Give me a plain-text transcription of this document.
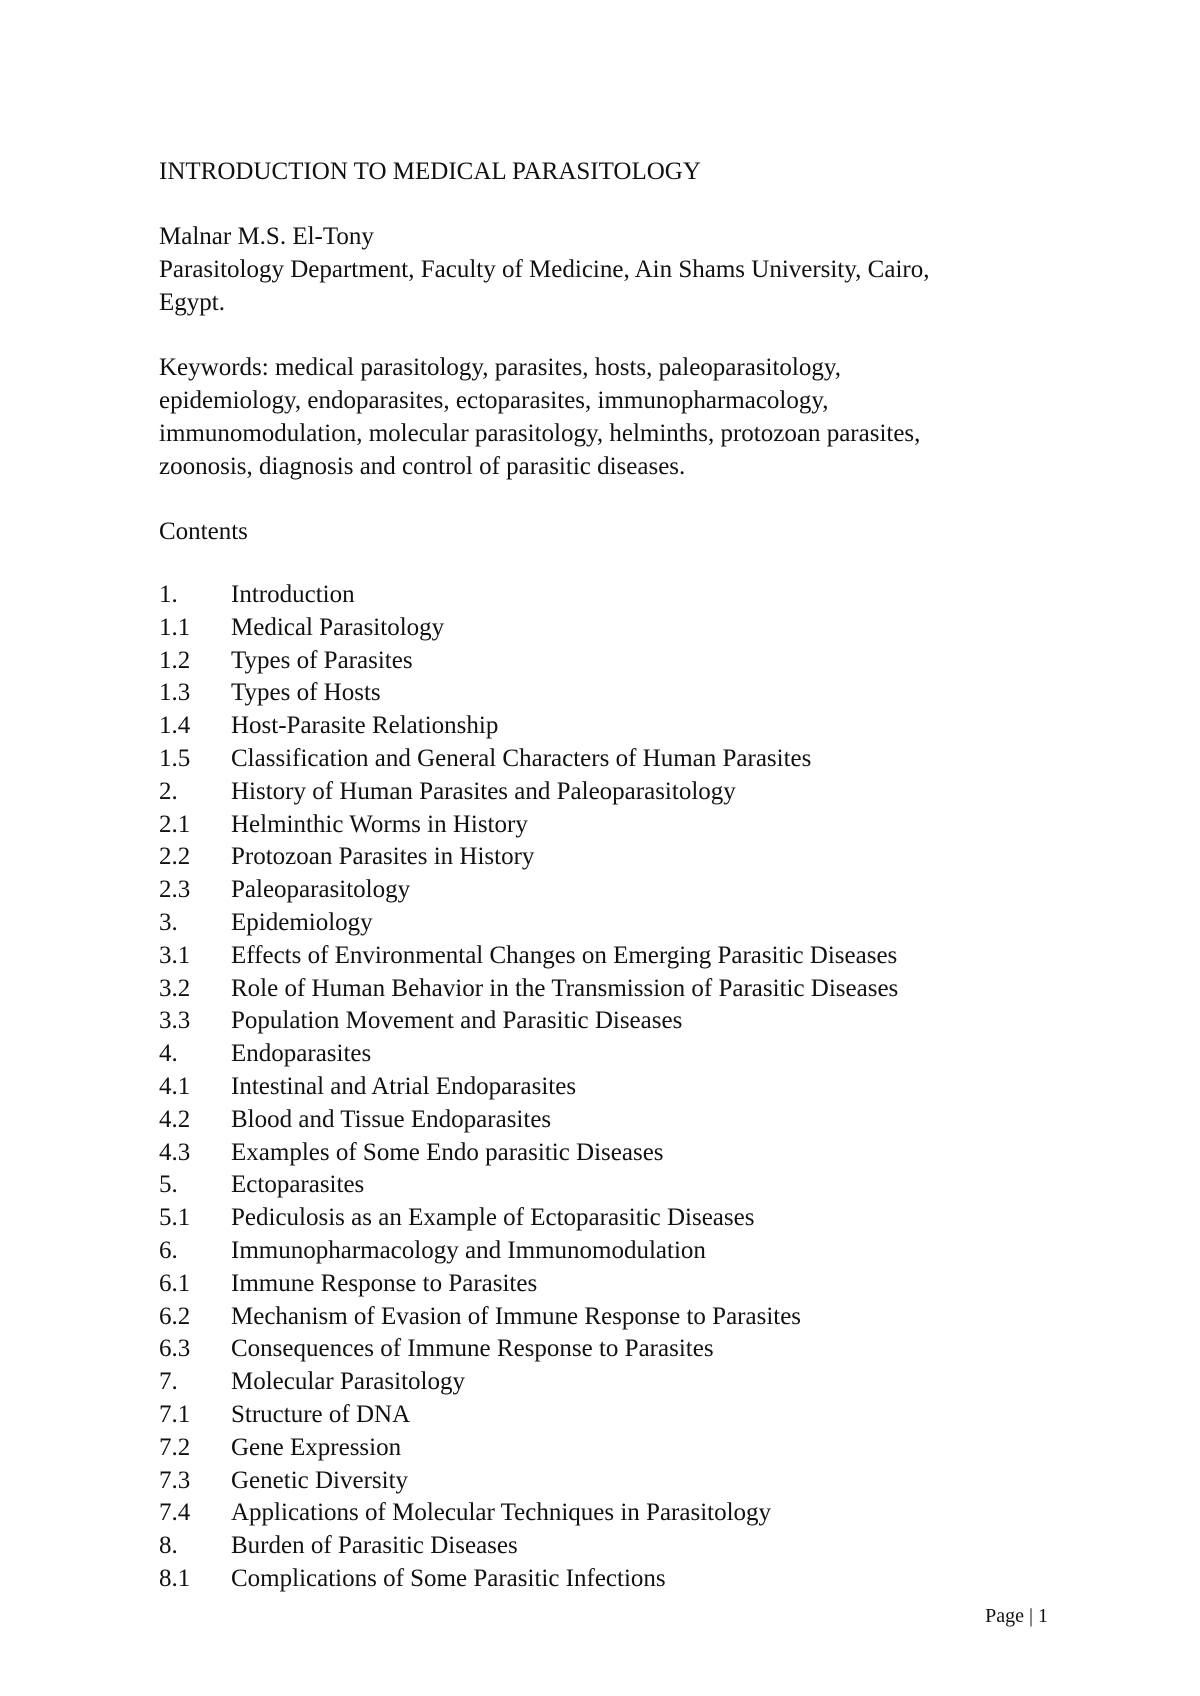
INTRODUCTION TO MEDICAL PARASITOLOGY

Malnar M.S. El-Tony

Parasitology Department, Faculty of Medicine, Ain Shams University, Cairo,

Egypt.

Keywords: medical parasitology, parasites, hosts, paleoparasitology,

epidemiology, endoparasites, ectoparasites, immunopharmacology,

immunomodulation, molecular parasitology, helminths, protozoan parasites,

zoonosis, diagnosis and control of parasitic diseases.

Contents

1.	Introduction
1.1	Medical Parasitology
1.2	Types of Parasites
1.3	Types of Hosts
1.4	Host-Parasite Relationship
1.5	Classification and General Characters of Human Parasites
2.	History of Human Parasites and Paleoparasitology
2.1	Helminthic Worms in History
2.2	Protozoan Parasites in History
2.3	Paleoparasitology
3.	Epidemiology
3.1	Effects of Environmental Changes on Emerging Parasitic Diseases
3.2	Role of Human Behavior in the Transmission of Parasitic Diseases
3.3	Population Movement and Parasitic Diseases
4.	Endoparasites
4.1	Intestinal and Atrial Endoparasites
4.2	Blood and Tissue Endoparasites
4.3	Examples of Some Endo parasitic Diseases
5.	Ectoparasites
5.1	Pediculosis as an Example of Ectoparasitic Diseases
6.	Immunopharmacology and Immunomodulation
6.1	Immune Response to Parasites
6.2	Mechanism of Evasion of Immune Response to Parasites
6.3	Consequences of Immune Response to Parasites
7.	Molecular Parasitology
7.1	Structure of DNA
7.2	Gene Expression
7.3	Genetic Diversity
7.4	Applications of Molecular Techniques in Parasitology
8.	Burden of Parasitic Diseases
8.1	Complications of Some Parasitic Infections
Page | 1
